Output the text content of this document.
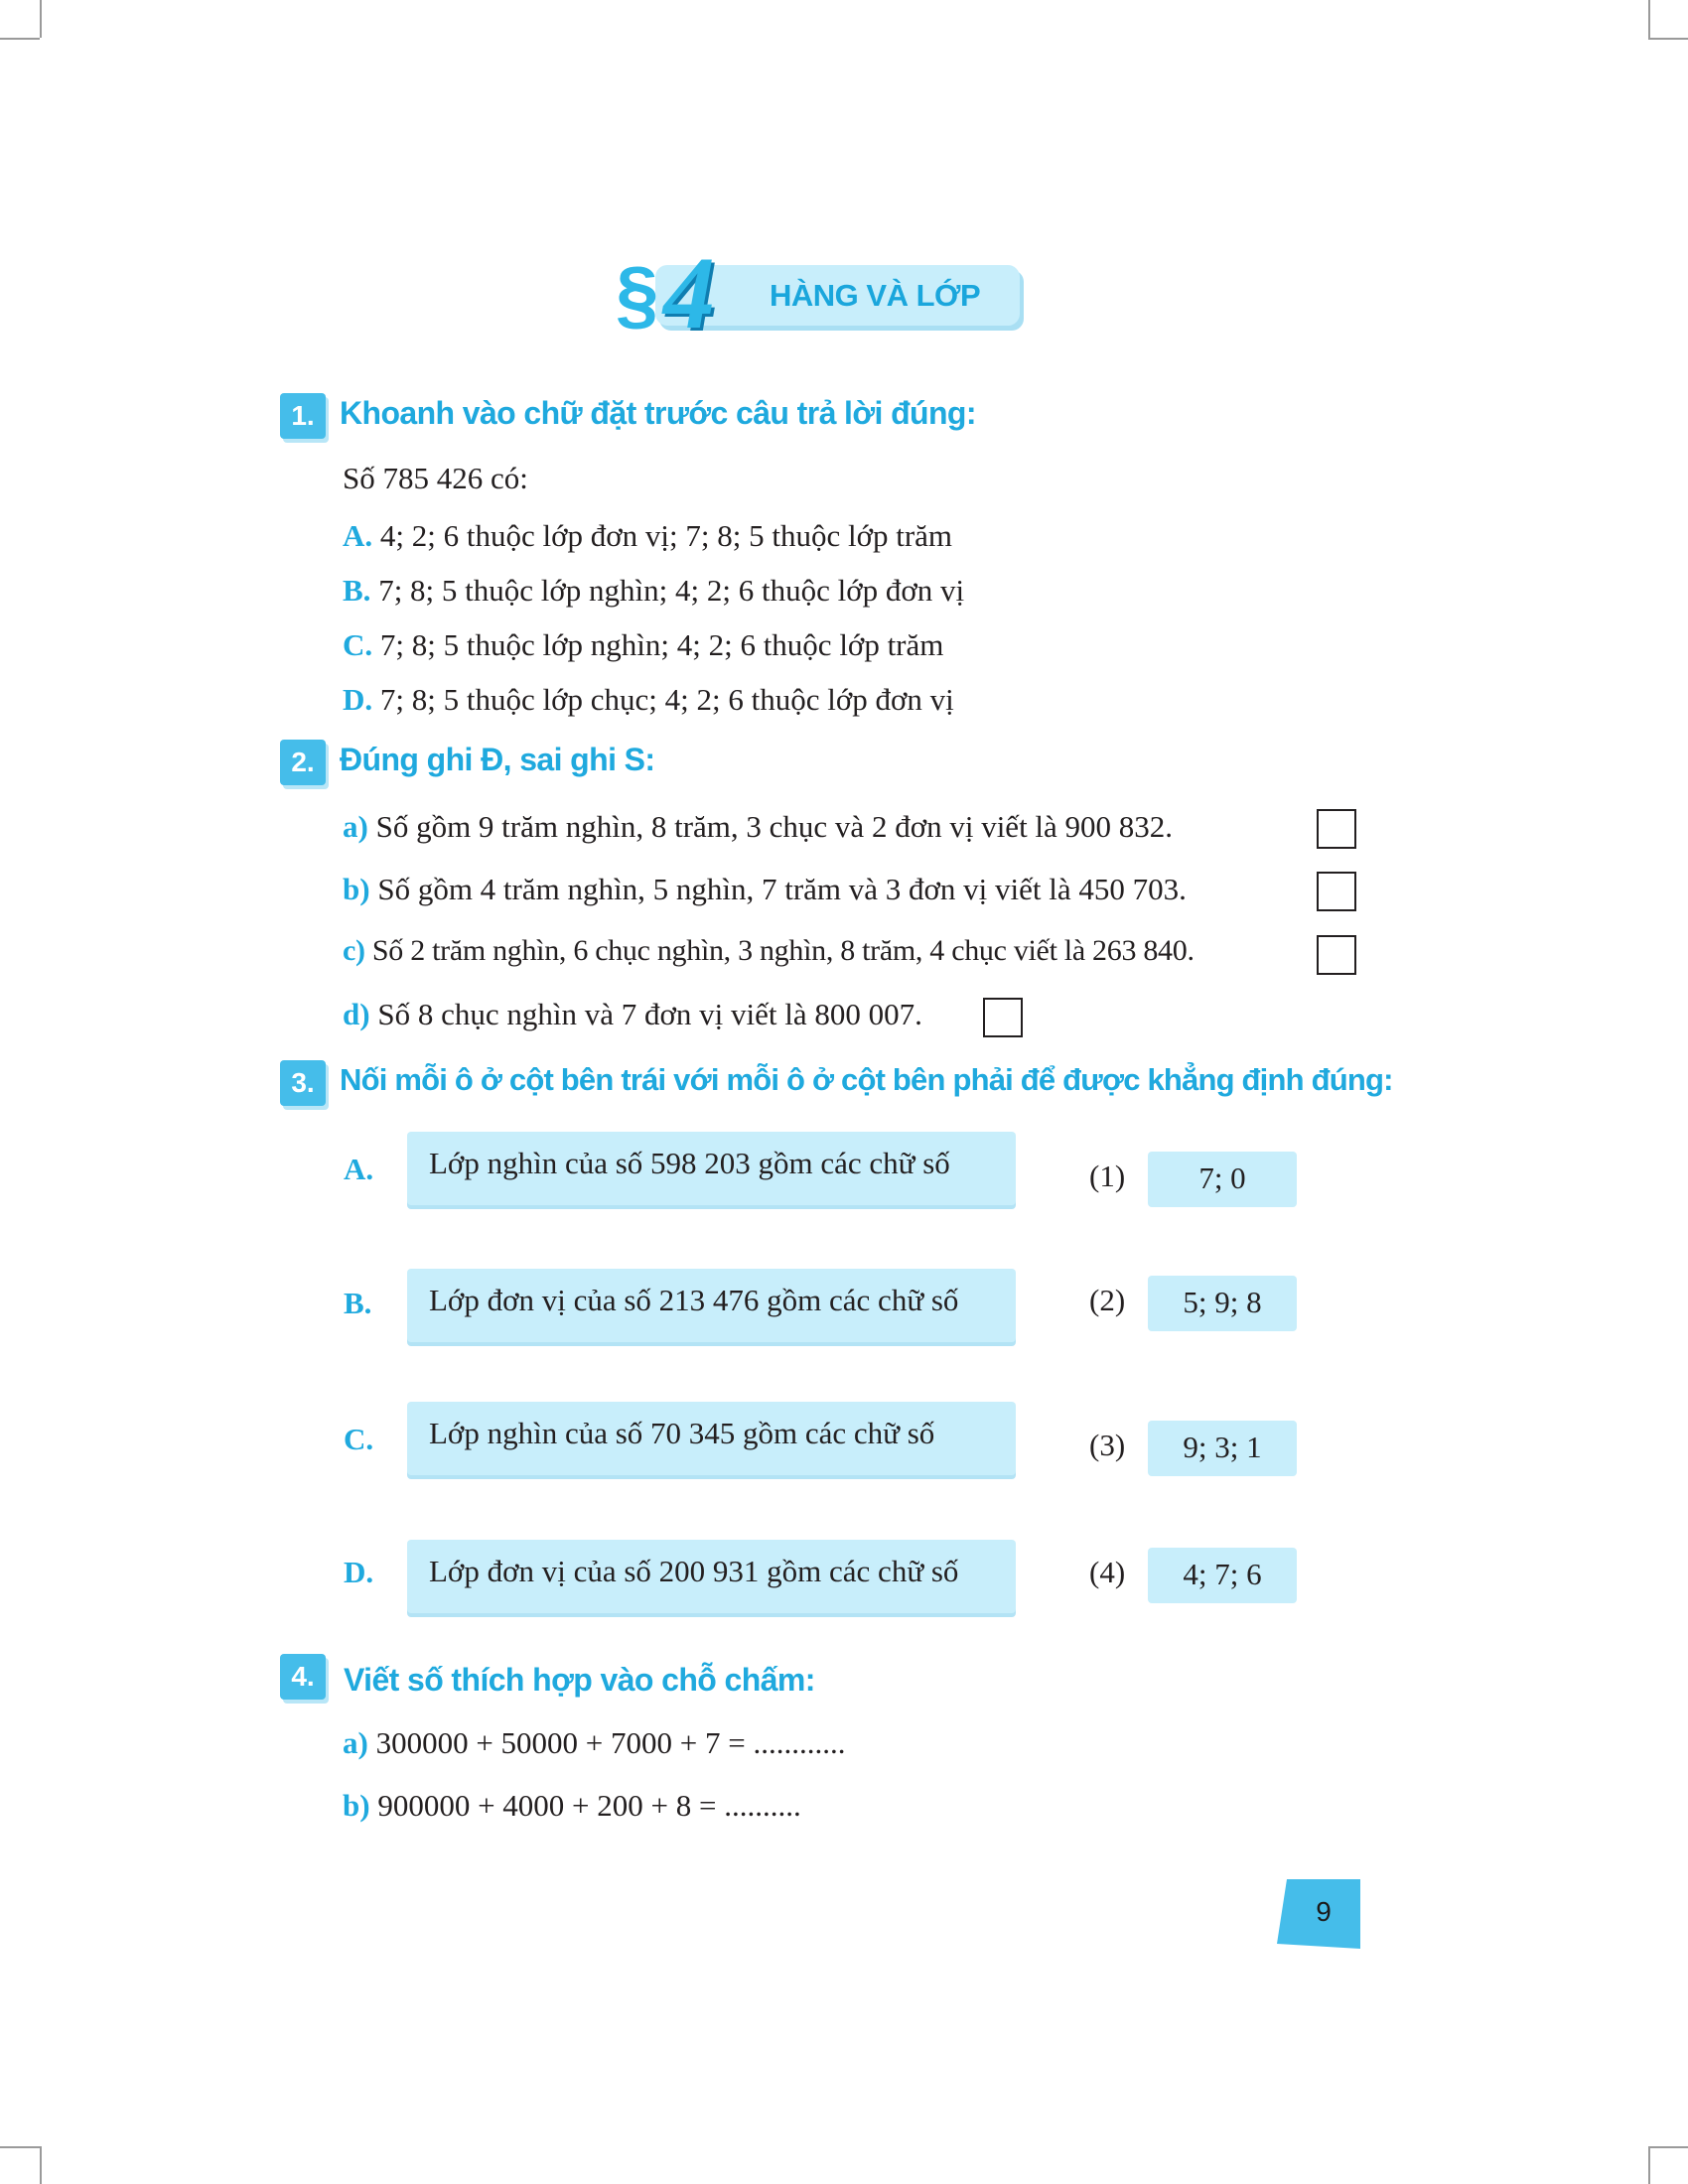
§ 4 HÀNG VÀ LỚP
1. Khoanh vào chữ đặt trước câu trả lời đúng:
Số 785 426 có:
A. 4; 2; 6 thuộc lớp đơn vị; 7; 8; 5 thuộc lớp trăm
B. 7; 8; 5 thuộc lớp nghìn; 4; 2; 6 thuộc lớp đơn vị
C. 7; 8; 5 thuộc lớp nghìn; 4; 2; 6 thuộc lớp trăm
D. 7; 8; 5 thuộc lớp chục; 4; 2; 6 thuộc lớp đơn vị
2. Đúng ghi Đ, sai ghi S:
a) Số gồm 9 trăm nghìn, 8 trăm, 3 chục và 2 đơn vị viết là 900 832.
b) Số gồm 4 trăm nghìn, 5 nghìn, 7 trăm và 3 đơn vị viết là 450 703.
c) Số 2 trăm nghìn, 6 chục nghìn, 3 nghìn, 8 trăm, 4 chục viết là 263 840.
d) Số 8 chục nghìn và 7 đơn vị viết là 800 007.
3. Nối mỗi ô ở cột bên trái với mỗi ô ở cột bên phải để được khẳng định đúng:
A. Lớp nghìn của số 598 203 gồm các chữ số	(1)	7; 0
B. Lớp đơn vị của số 213 476 gồm các chữ số	(2)	5; 9; 8
C. Lớp nghìn của số 70 345 gồm các chữ số	(3)	9; 3; 1
D. Lớp đơn vị của số 200 931 gồm các chữ số	(4)	4; 7; 6
4. Viết số thích hợp vào chỗ chấm:
a) 300000 + 50000 + 7000 + 7 = ............
b) 900000 + 4000 + 200 + 8 = ..........
9
